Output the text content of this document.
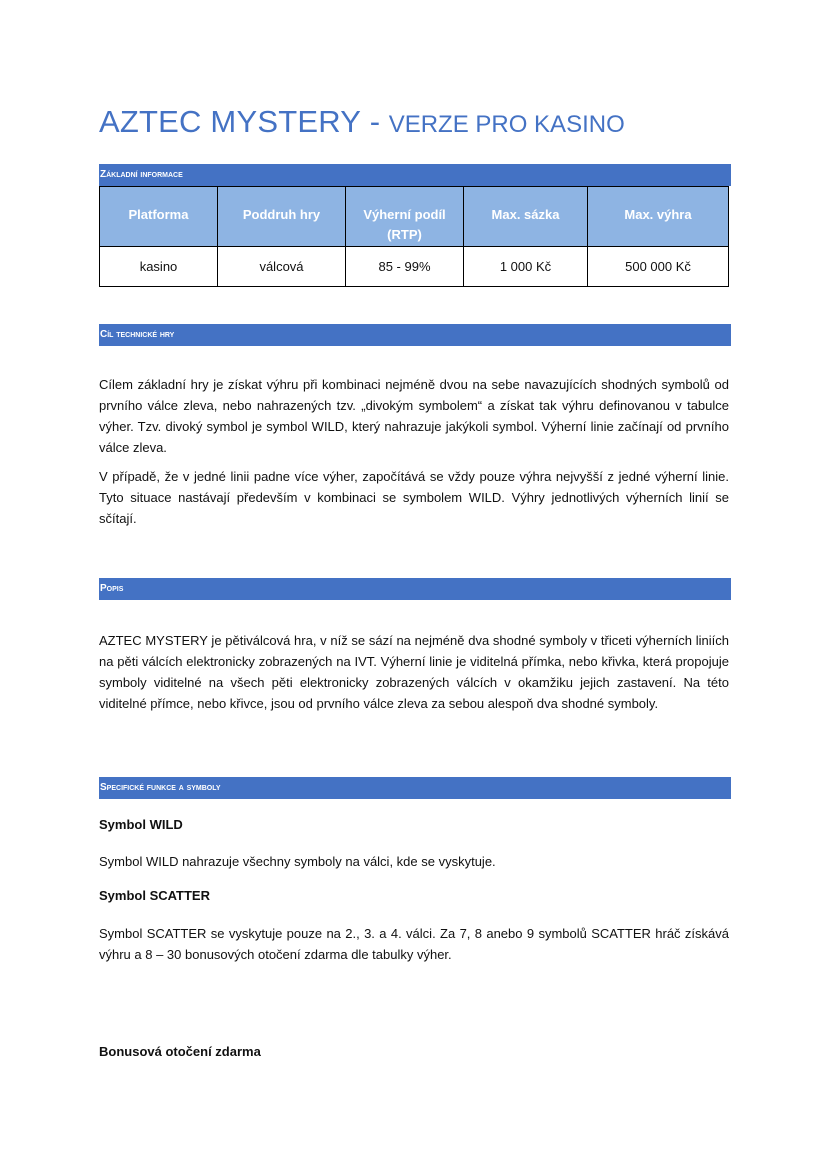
AZTEC MYSTERY - VERZE PRO KASINO
Základní informace
Platforma	Poddruh hry	Výherní podíl (RTP)	Max. sázka	Max. výhra
kasino	válcová	85 - 99%	1 000 Kč	500 000 Kč
Cíl technické hry

Cílem základní hry je získat výhru při kombinaci nejméně dvou na sebe navazujících shodných symbolů od prvního válce zleva, nebo nahrazených tzv. „divokým symbolem“ a získat tak výhru definovanou v tabulce výher. Tzv. divoký symbol je symbol WILD, který nahrazuje jakýkoli symbol. Výherní linie začínají od prvního válce zleva.

V případě, že v jedné linii padne více výher, započítává se vždy pouze výhra nejvyšší z jedné výherní linie. Tyto situace nastávají především v kombinaci se symbolem WILD. Výhry jednotlivých výherních linií se sčítají.

Popis

AZTEC MYSTERY je pětiválcová hra, v níž se sází na nejméně dva shodné symboly v třiceti výherních liniích na pěti válcích elektronicky zobrazených na IVT. Výherní linie je viditelná přímka, nebo křivka, která propojuje symboly viditelné na všech pěti elektronicky zobrazených válcích v okamžiku jejich zastavení. Na této viditelné přímce, nebo křivce, jsou od prvního válce zleva za sebou alespoň dva shodné symboly.

Specifické funkce a symboly

Symbol WILD

Symbol WILD nahrazuje všechny symboly na válci, kde se vyskytuje.

Symbol SCATTER

Symbol SCATTER se vyskytuje pouze na 2., 3. a 4. válci. Za 7, 8 anebo 9 symbolů SCATTER hráč získává výhru a 8 – 30 bonusových otočení zdarma dle tabulky výher.

Bonusová otočení zdarma
